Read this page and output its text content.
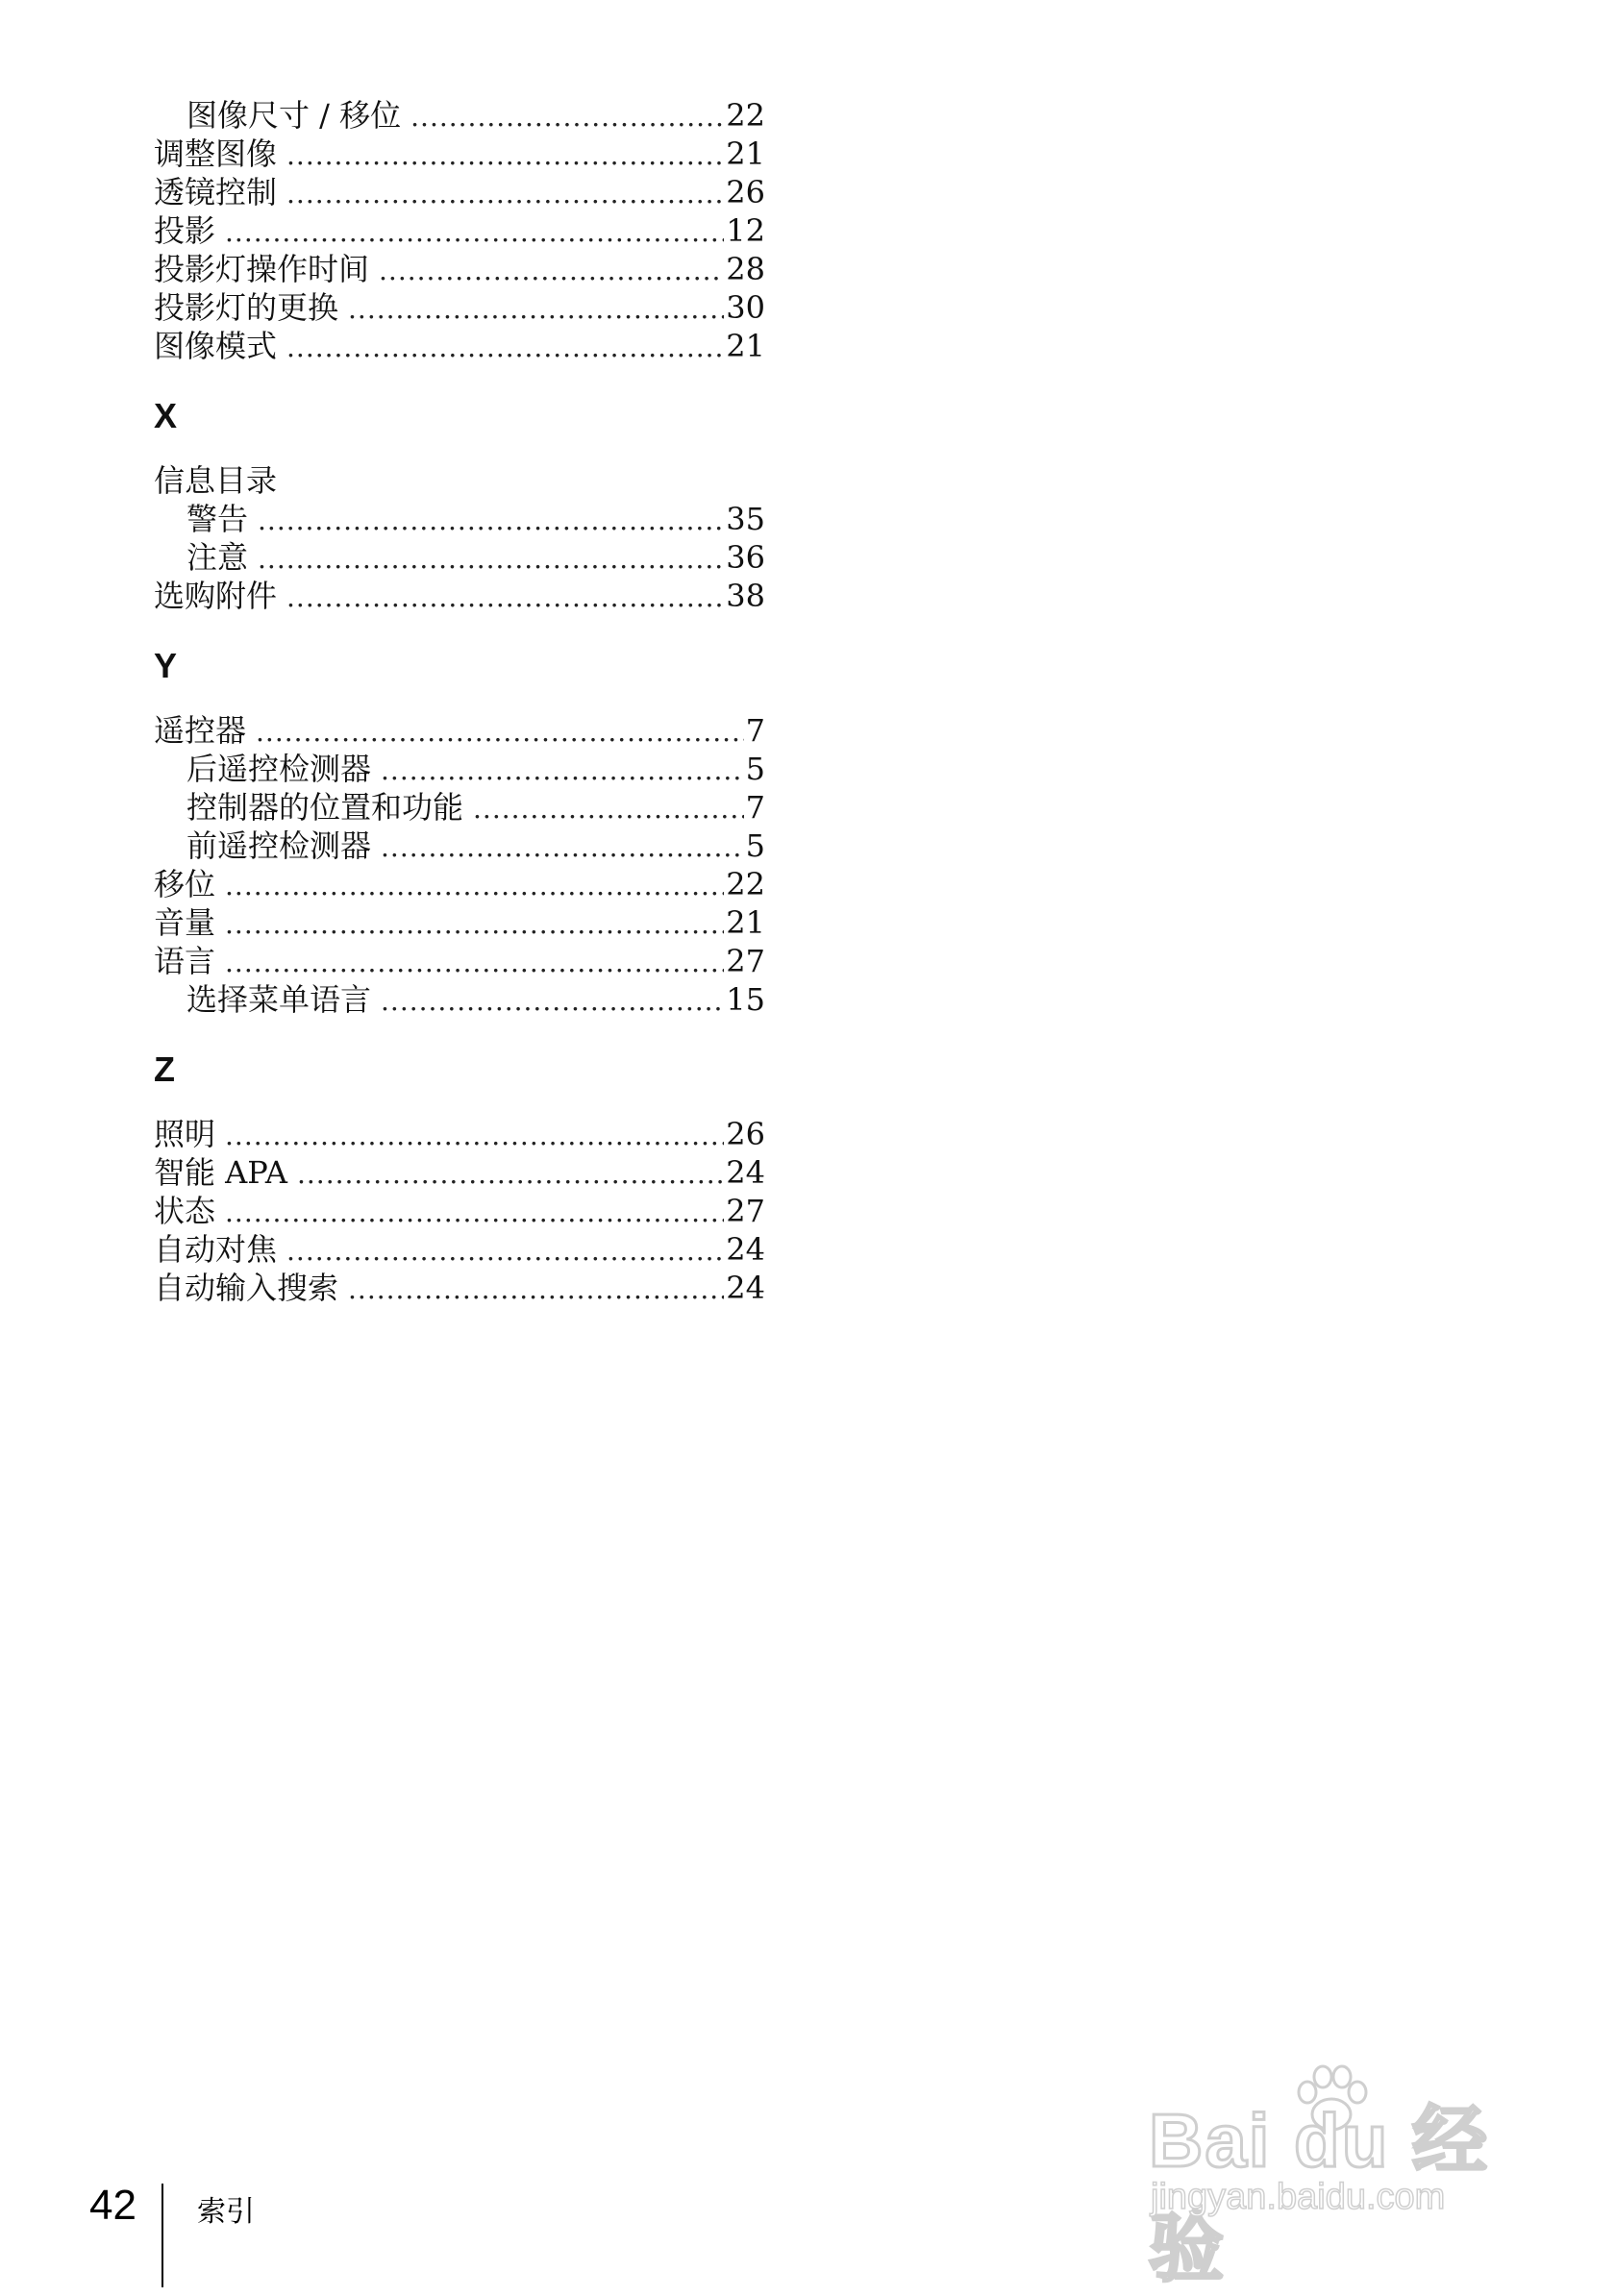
图像尺寸 / 移位 .....	22
调整图像 .....	21
透镜控制 .....	26
投影 .....	12
投影灯操作时间 .....	28
投影灯的更换 .....	30
图像模式 .....	21
X
信息目录
警告 .....	35
注意 .....	36
选购附件 .....	38
Y
遥控器 .....	7
后遥控检测器 .....	5
控制器的位置和功能 .....	7
前遥控检测器 .....	5
移位 .....	22
音量 .....	21
语言 .....	27
选择菜单语言 .....	15
Z
照明 .....	26
智能 APA .....	24
状态 .....	27
自动对焦 .....	24
自动输入搜索 .....	24
42 索引
Bai du 经验
jingyan.baidu.com
